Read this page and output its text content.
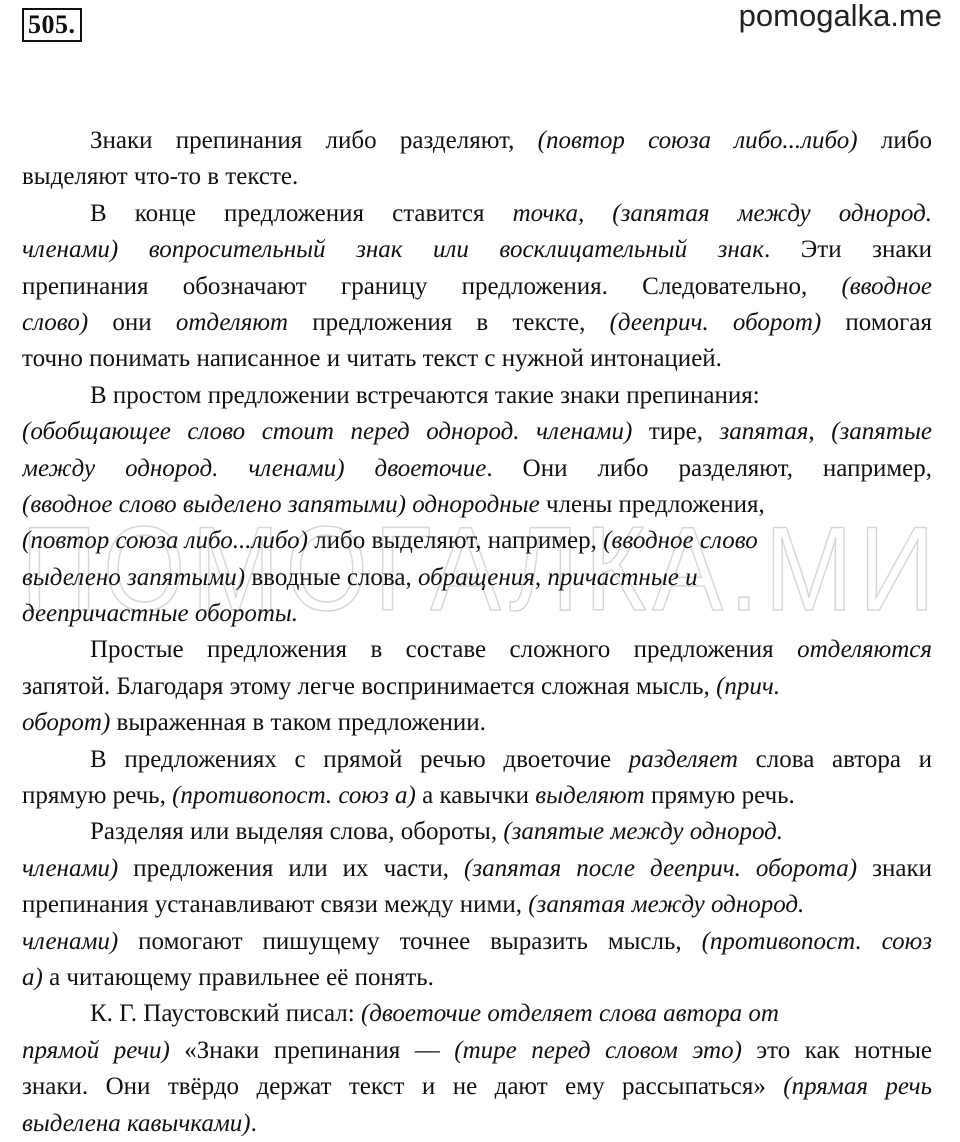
505.	pomogalka.me
ПОМОГАЛКА.МИ
Знаки препинания либо разделяют, (повтор союза либо...либо) либо
выделяют что-то в тексте.
В конце предложения ставится точка, (запятая между однород.
членами) вопросительный знак или восклицательный знак. Эти знаки
препинания обозначают границу предложения. Следовательно, (вводное
слово) они отделяют предложения в тексте, (дееприч. оборот) помогая
точно понимать написанное и читать текст с нужной интонацией.
В простом предложении встречаются такие знаки препинания:
(обобщающее слово стоит перед однород. членами) тире, запятая, (запятые
между однород. членами) двоеточие. Они либо разделяют, например,
(вводное слово выделено запятыми) однородные члены предложения,
(повтор союза либо...либо) либо выделяют, например, (вводное слово
выделено запятыми) вводные слова, обращения, причастные и
деепричастные обороты.
Простые предложения в составе сложного предложения отделяются
запятой. Благодаря этому легче воспринимается сложная мысль, (прич.
оборот) выраженная в таком предложении.
В предложениях с прямой речью двоеточие разделяет слова автора и
прямую речь, (противопост. союз а) а кавычки выделяют прямую речь.
Разделяя или выделяя слова, обороты, (запятые между однород.
членами) предложения или их части, (запятая после дееприч. оборота) знаки
препинания устанавливают связи между ними, (запятая между однород.
членами) помогают пишущему точнее выразить мысль, (противопост. союз
а) а читающему правильнее её понять.
К. Г. Паустовский писал: (двоеточие отделяет слова автора от
прямой речи) «Знаки препинания — (тире перед словом это) это как нотные
знаки. Они твёрдо держат текст и не дают ему рассыпаться» (прямая речь
выделена кавычками).
